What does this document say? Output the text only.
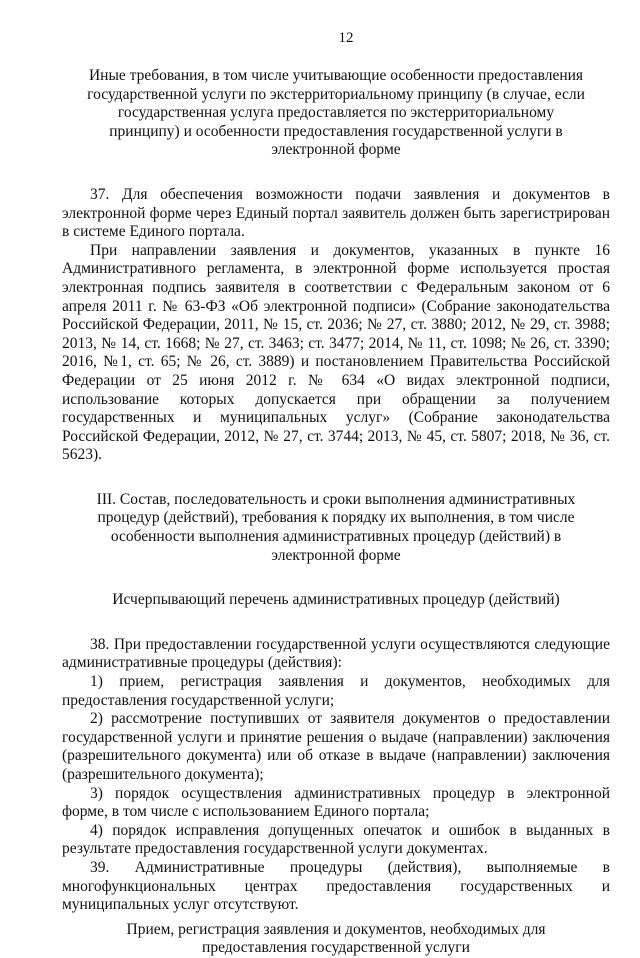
12

Иные требования, в том числе учитывающие особенности предоставления государственной услуги по экстерриториальному принципу (в случае, если государственная услуга предоставляется по экстерриториальному принципу) и особенности предоставления государственной услуги в электронной форме

37. Для обеспечения возможности подачи заявления и документов в электронной форме через Единый портал заявитель должен быть зарегистрирован в системе Единого портала.

При направлении заявления и документов, указанных в пункте 16 Административного регламента, в электронной форме используется простая электронная подпись заявителя в соответствии с Федеральным законом от 6 апреля 2011 г. № 63-ФЗ «Об электронной подписи» (Собрание законодательства Российской Федерации, 2011, № 15, ст. 2036; № 27, ст. 3880; 2012, № 29, ст. 3988; 2013, № 14, ст. 1668; № 27, ст. 3463; ст. 3477; 2014, № 11, ст. 1098; № 26, ст. 3390; 2016, №1, ст. 65; № 26, ст. 3889) и постановлением Правительства Российской Федерации от 25 июня 2012 г. № 634 «О видах электронной подписи, использование которых допускается при обращении за получением государственных и муниципальных услуг» (Собрание законодательства Российской Федерации, 2012, № 27, ст. 3744; 2013, № 45, ст. 5807; 2018, № 36, ст. 5623).

III. Состав, последовательность и сроки выполнения административных процедур (действий), требования к порядку их выполнения, в том числе особенности выполнения административных процедур (действий) в электронной форме

Исчерпывающий перечень административных процедур (действий)

38. При предоставлении государственной услуги осуществляются следующие административные процедуры (действия):

1) прием, регистрация заявления и документов, необходимых для предоставления государственной услуги;

2) рассмотрение поступивших от заявителя документов о предоставлении государственной услуги и принятие решения о выдаче (направлении) заключения (разрешительного документа) или об отказе в выдаче (направлении) заключения (разрешительного документа);

3) порядок осуществления административных процедур в электронной форме, в том числе с использованием Единого портала;

4) порядок исправления допущенных опечаток и ошибок в выданных в результате предоставления государственной услуги документах.

39. Административные процедуры (действия), выполняемые в многофункциональных центрах предоставления государственных и муниципальных услуг отсутствуют.

Прием, регистрация заявления и документов, необходимых для предоставления государственной услуги
